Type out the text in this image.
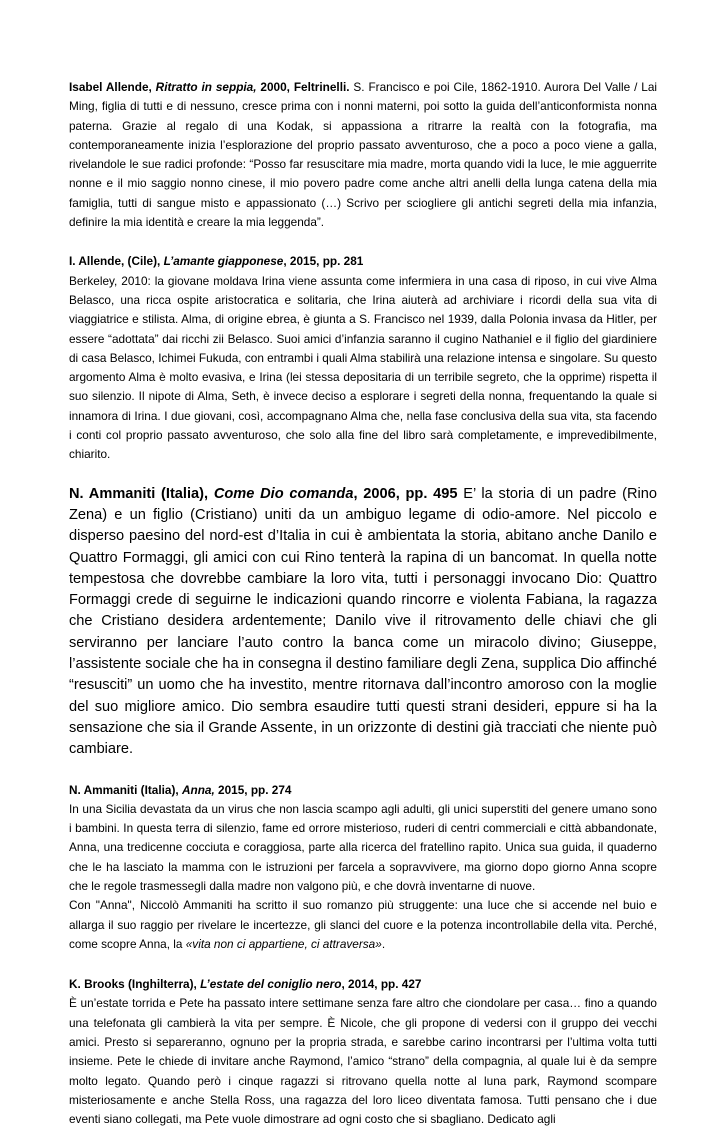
Isabel Allende, Ritratto in seppia, 2000, Feltrinelli. S. Francisco e poi Cile, 1862-1910. Aurora Del Valle / Lai Ming, figlia di tutti e di nessuno, cresce prima con i nonni materni, poi sotto la guida dell’anticonformista nonna paterna. Grazie al regalo di una Kodak, si appassiona a ritrarre la realtà con la fotografia, ma contemporaneamente inizia l’esplorazione del proprio passato avventuroso, che a poco a poco viene a galla, rivelandole le sue radici profonde: “Posso far resuscitare mia madre, morta quando vidi la luce, le mie agguerrite nonne e il mio saggio nonno cinese, il mio povero padre come anche altri anelli della lunga catena della mia famiglia, tutti di sangue misto e appassionato (…) Scrivo per sciogliere gli antichi segreti della mia infanzia, definire la mia identità e creare la mia leggenda”.

I. Allende, (Cile), L’amante giapponese, 2015, pp. 281

Berkeley, 2010: la giovane moldava Irina viene assunta come infermiera in una casa di riposo, in cui vive Alma Belasco, una ricca ospite aristocratica e solitaria, che Irina aiuterà ad archiviare i ricordi della sua vita di viaggiatrice e stilista. Alma, di origine ebrea, è giunta a S. Francisco nel 1939, dalla Polonia invasa da Hitler, per essere “adottata” dai ricchi zii Belasco. Suoi amici d’infanzia saranno il cugino Nathaniel e il figlio del giardiniere di casa Belasco, Ichimei Fukuda, con entrambi i quali Alma stabilirà una relazione intensa e singolare. Su questo argomento Alma è molto evasiva, e Irina (lei stessa depositaria di un terribile segreto, che la opprime) rispetta il suo silenzio. Il nipote di Alma, Seth, è invece deciso a esplorare i segreti della nonna, frequentando la quale si innamora di Irina. I due giovani, così, accompagnano Alma che, nella fase conclusiva della sua vita, sta facendo i conti col proprio passato avventuroso, che solo alla fine del libro sarà completamente, e imprevedibilmente, chiarito.

N. Ammaniti (Italia), Come Dio comanda, 2006, pp. 495 E’ la storia di un padre (Rino Zena) e un figlio (Cristiano) uniti da un ambiguo legame di odio-amore. Nel piccolo e disperso paesino del nord-est d’Italia in cui è ambientata la storia, abitano anche Danilo e Quattro Formaggi, gli amici con cui Rino tenterà la rapina di un bancomat. In quella notte tempestosa che dovrebbe cambiare la loro vita, tutti i personaggi invocano Dio: Quattro Formaggi crede di seguirne le indicazioni quando rincorre e violenta Fabiana, la ragazza che Cristiano desidera ardentemente; Danilo vive il ritrovamento delle chiavi che gli serviranno per lanciare l’auto contro la banca come un miracolo divino; Giuseppe, l’assistente sociale che ha in consegna il destino familiare degli Zena, supplica Dio affinché “resusciti” un uomo che ha investito, mentre ritornava dall’incontro amoroso con la moglie del suo migliore amico. Dio sembra esaudire tutti questi strani desideri, eppure si ha la sensazione che sia il Grande Assente, in un orizzonte di destini già tracciati che niente può cambiare.

N. Ammaniti (Italia), Anna, 2015, pp. 274

In una Sicilia devastata da un virus che non lascia scampo agli adulti, gli unici superstiti del genere umano sono i bambini. In questa terra di silenzio, fame ed orrore misterioso, ruderi di centri commerciali e città abbandonate, Anna, una tredicenne cocciuta e coraggiosa, parte alla ricerca del fratellino rapito. Unica sua guida, il quaderno che le ha lasciato la mamma con le istruzioni per farcela a sopravvivere, ma giorno dopo giorno Anna scopre che le regole trasmessegli dalla madre non valgono più, e che dovrà inventarne di nuove.

Con "Anna", Niccolò Ammaniti ha scritto il suo romanzo più struggente: una luce che si accende nel buio e allarga il suo raggio per rivelare le incertezze, gli slanci del cuore e la potenza incontrollabile della vita. Perché, come scopre Anna, la «vita non ci appartiene, ci attraversa».

K. Brooks (Inghilterra), L’estate del coniglio nero, 2014, pp. 427

È un’estate torrida e Pete ha passato intere settimane senza fare altro che ciondolare per casa… fino a quando una telefonata gli cambierà la vita per sempre. È Nicole, che gli propone di vedersi con il gruppo dei vecchi amici. Presto si separeranno, ognuno per la propria strada, e sarebbe carino incontrarsi per l’ultima volta tutti insieme. Pete le chiede di invitare anche Raymond, l’amico “strano” della compagnia, al quale lui è da sempre molto legato. Quando però i cinque ragazzi si ritrovano quella notte al luna park, Raymond scompare misteriosamente e anche Stella Ross, una ragazza del loro liceo diventata famosa. Tutti pensano che i due eventi siano collegati, ma Pete vuole dimostrare ad ogni costo che si sbagliano. Dedicato agli
